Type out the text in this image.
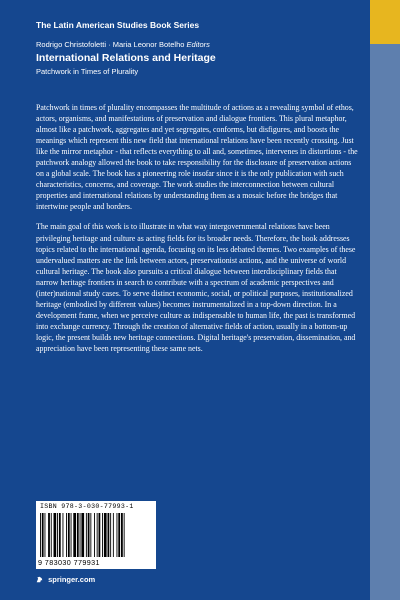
The Latin American Studies Book Series
Rodrigo Christofoletti · Maria Leonor Botelho Editors
International Relations and Heritage
Patchwork in Times of Plurality

Patchwork in times of plurality encompasses the multitude of actions as a revealing symbol of ethos, actors, organisms, and manifestations of preservation and dialogue frontiers. This plural metaphor, almost like a patchwork, aggregates and yet segregates, conforms, but disfigures, and boosts the meanings which represent this new field that international relations have been recently crossing. Just like the mirror metaphor - that reflects everything to all and, sometimes, intervenes in distortions - the patchwork analogy allowed the book to take responsibility for the disclosure of preservation actions on a global scale. The book has a pioneering role insofar since it is the only publication with such characteristics, concerns, and coverage. The work studies the interconnection between cultural properties and international relations by understanding them as a mosaic before the bridges that intertwine people and borders.

The main goal of this work is to illustrate in what way intergovernmental relations have been privileging heritage and culture as acting fields for its broader needs. Therefore, the book addresses topics related to the international agenda, focusing on its less debated themes. Two examples of these undervalued matters are the link between actors, preservationist actions, and the universe of world cultural heritage. The book also pursuits a critical dialogue between interdisciplinary fields that narrow heritage frontiers in search to contribute with a spectrum of academic perspectives and (inter)national study cases. To serve distinct economic, social, or political purposes, institutionalized heritage (embodied by different values) becomes instrumentalized in a top-down direction. In a development frame, when we perceive culture as indispensable to human life, the past is transformed into exchange currency. Through the creation of alternative fields of action, usually in a bottom-up logic, the present builds new heritage connections. Digital heritage's preservation, dissemination, and appreciation have been representing these same nets.

ISBN 978-3-030-77993-1
9 783030 779931
springer.com
